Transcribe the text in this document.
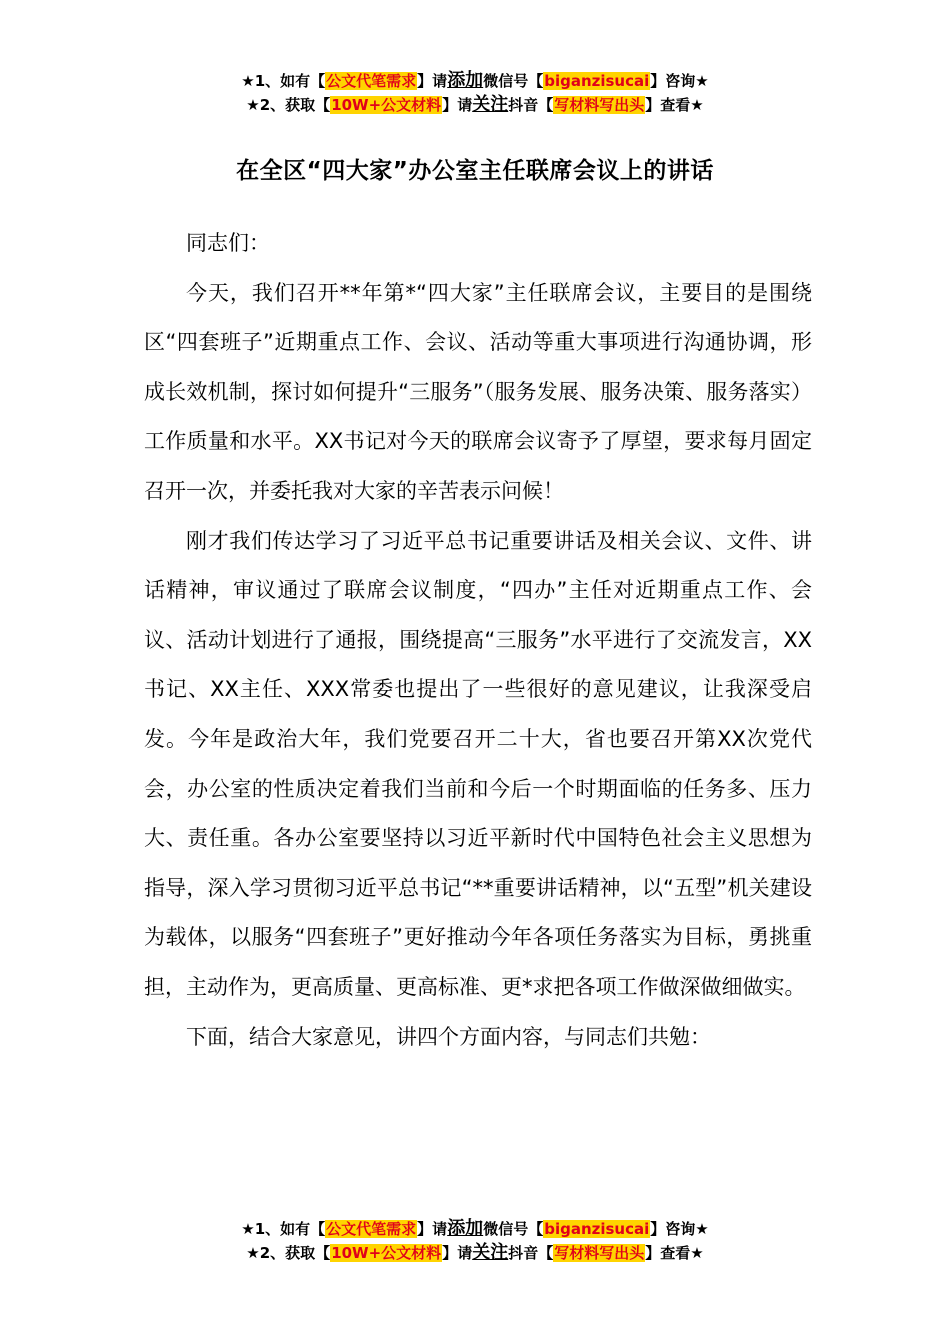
★1、如有【公文代笔需求】请添加微信号【biganzisucai】咨询★
★2、获取【10W+公文材料】请关注抖音【写材料写出头】查看★
在全区“四大家”办公室主任联席会议上的讲话

同志们：

今天，我们召开**年第*“四大家”主任联席会议，主要目的是围绕区“四套班子”近期重点工作、会议、活动等重大事项进行沟通协调，形成长效机制，探讨如何提升“三服务”（服务发展、服务决策、服务落实）工作质量和水平。XX书记对今天的联席会议寄予了厚望，要求每月固定召开一次，并委托我对大家的辛苦表示问候！

刚才我们传达学习了习近平总书记重要讲话及相关会议、文件、讲话精神，审议通过了联席会议制度，“四办”主任对近期重点工作、会议、活动计划进行了通报，围绕提高“三服务”水平进行了交流发言，XX书记、XX主任、XXX常委也提出了一些很好的意见建议，让我深受启发。今年是政治大年，我们党要召开二十大，省也要召开第XX次党代会，办公室的性质决定着我们当前和今后一个时期面临的任务多、压力大、责任重。各办公室要坚持以习近平新时代中国特色社会主义思想为指导，深入学习贯彻习近平总书记“**重要讲话精神，以“五型”机关建设为载体，以服务“四套班子”更好推动今年各项任务落实为目标，勇挑重担，主动作为，更高质量、更高标准、更*求把各项工作做深做细做实。

下面，结合大家意见，讲四个方面内容，与同志们共勉：

★1、如有【公文代笔需求】请添加微信号【biganzisucai】咨询★
★2、获取【10W+公文材料】请关注抖音【写材料写出头】查看★
